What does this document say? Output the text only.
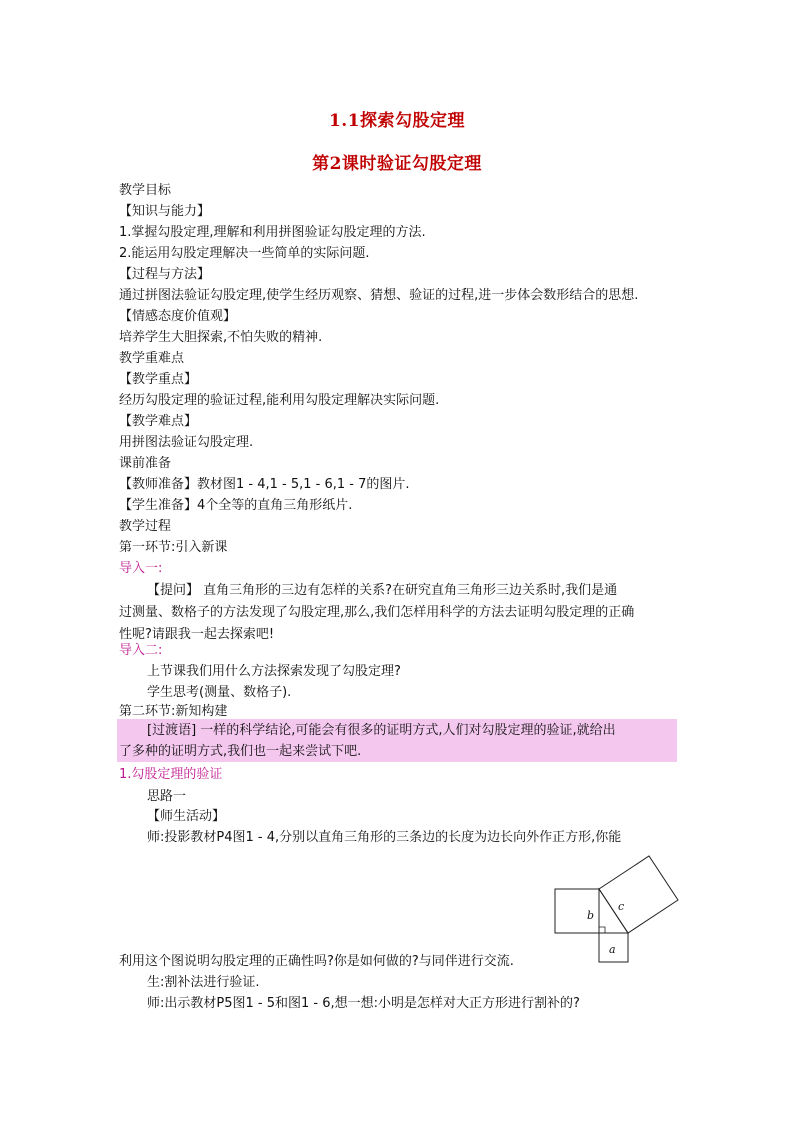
1.1探索勾股定理
第2课时验证勾股定理
教学目标
【知识与能力】
1.掌握勾股定理,理解和利用拼图验证勾股定理的方法.
2.能运用勾股定理解决一些简单的实际问题.
【过程与方法】
通过拼图法验证勾股定理,使学生经历观察、猜想、验证的过程,进一步体会数形结合的思想.
【情感态度价值观】
培养学生大胆探索,不怕失败的精神.
教学重难点
【教学重点】
经历勾股定理的验证过程,能利用勾股定理解决实际问题.
【教学难点】
用拼图法验证勾股定理.
课前准备
【教师准备】教材图1 - 4,1 - 5,1 - 6,1 - 7的图片.
【学生准备】4个全等的直角三角形纸片.
教学过程
第一环节:引入新课
导入一:
【提问】 直角三角形的三边有怎样的关系?在研究直角三角形三边关系时,我们是通
过测量、数格子的方法发现了勾股定理,那么,我们怎样用科学的方法去证明勾股定理的正确
性呢?请跟我一起去探索吧!
导入二:
上节课我们用什么方法探索发现了勾股定理?
学生思考(测量、数格子).
第二环节:新知构建
[过渡语] 一样的科学结论,可能会有很多的证明方式,人们对勾股定理的验证,就给出
了多种的证明方式,我们也一起来尝试下吧.
1.勾股定理的验证
思路一
【师生活动】
师:投影教材P4图1 - 4,分别以直角三角形的三条边的长度为边长向外作正方形,你能
b
c
a
利用这个图说明勾股定理的正确性吗?你是如何做的?与同伴进行交流.
生:割补法进行验证.
师:出示教材P5图1 - 5和图1 - 6,想一想:小明是怎样对大正方形进行割补的?
